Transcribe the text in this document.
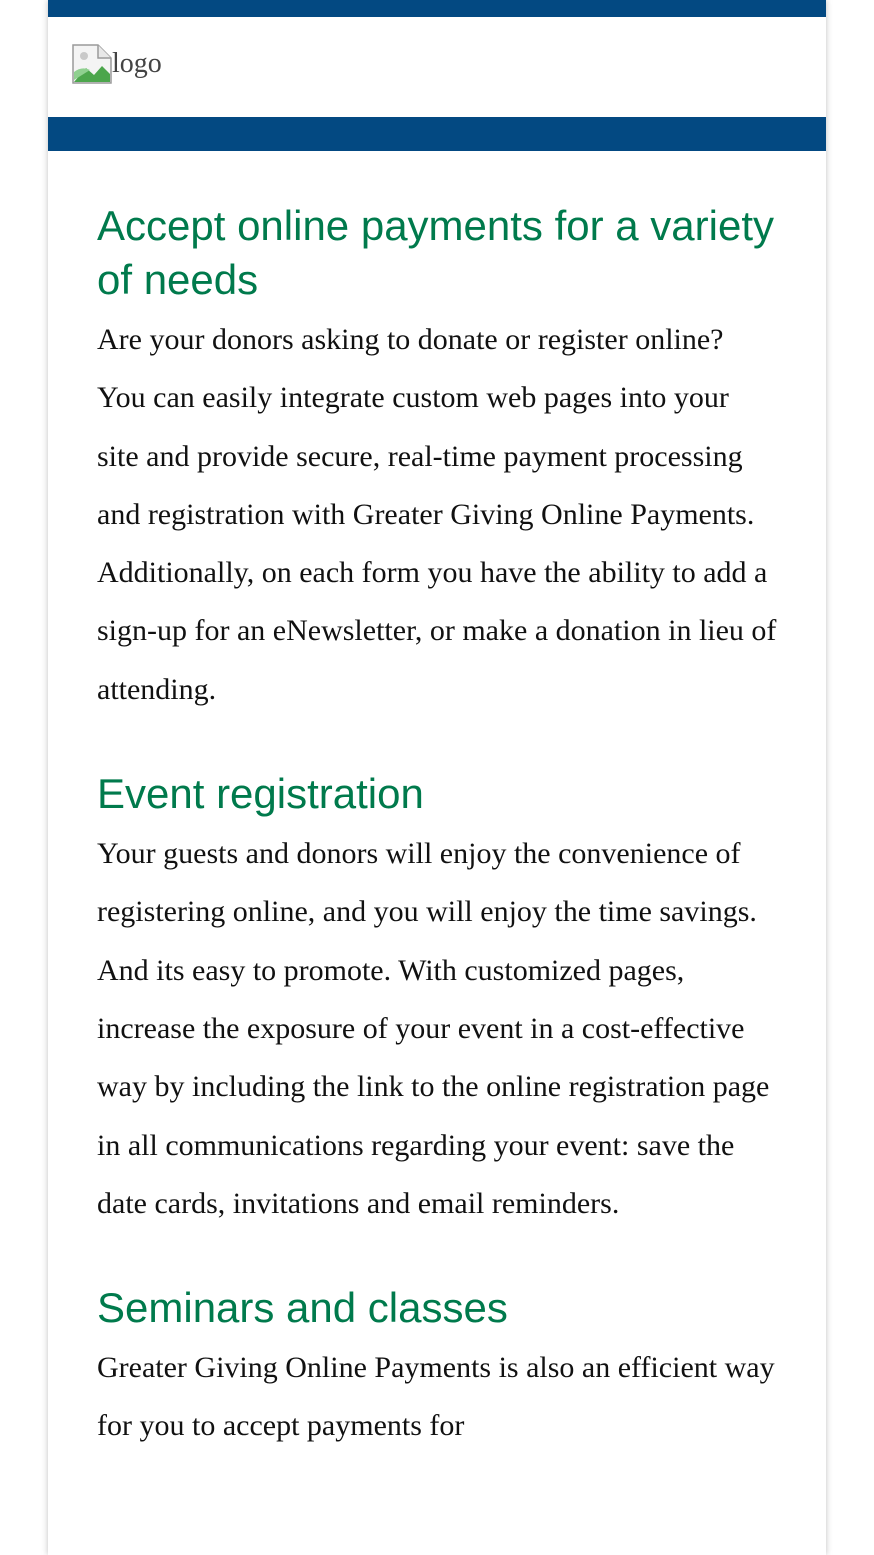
logo
Accept online payments for a variety of needs

Are your donors asking to donate or register online? You can easily integrate custom web pages into your site and provide secure, real-time payment processing and registration with Greater Giving Online Payments. Additionally, on each form you have the ability to add a sign-up for an eNewsletter, or make a donation in lieu of attending.

Event registration

Your guests and donors will enjoy the convenience of registering online, and you will enjoy the time savings. And its easy to promote. With customized pages, increase the exposure of your event in a cost-effective way by including the link to the online registration page in all communications regarding your event: save the date cards, invitations and email reminders.

Seminars and classes

Greater Giving Online Payments is also an efficient way for you to accept payments for
